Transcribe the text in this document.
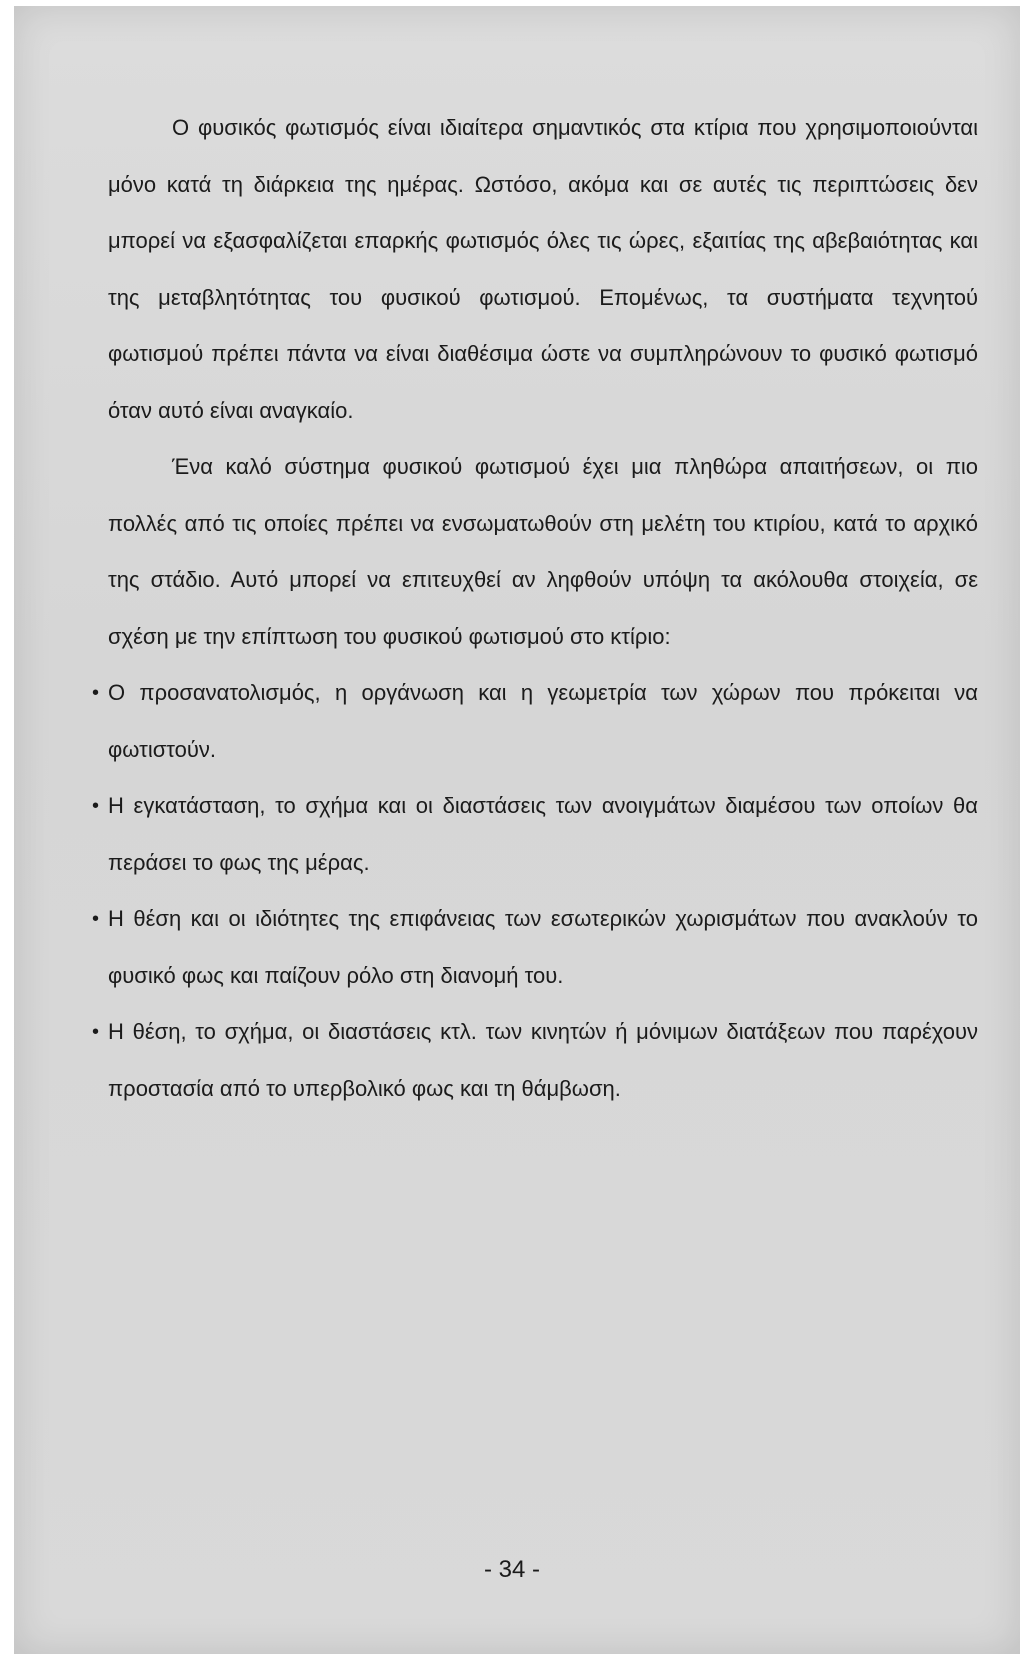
Ο φυσικός φωτισμός είναι ιδιαίτερα σημαντικός στα κτίρια που χρησιμοποιούνται μόνο κατά τη διάρκεια της ημέρας. Ωστόσο, ακόμα και σε αυτές τις περιπτώσεις δεν μπορεί να εξασφαλίζεται επαρκής φωτισμός όλες τις ώρες, εξαιτίας της αβεβαιότητας και της μεταβλητότητας του φυσικού φωτισμού. Επομένως, τα συστήματα τεχνητού φωτισμού πρέπει πάντα να είναι διαθέσιμα ώστε να συμπληρώνουν το φυσικό φωτισμό όταν αυτό είναι αναγκαίο.

Ένα καλό σύστημα φυσικού φωτισμού έχει μια πληθώρα απαιτήσεων, οι πιο πολλές από τις οποίες πρέπει να ενσωματωθούν στη μελέτη του κτιρίου, κατά το αρχικό της στάδιο. Αυτό μπορεί να επιτευχθεί αν ληφθούν υπόψη τα ακόλουθα στοιχεία, σε σχέση με την επίπτωση του φυσικού φωτισμού στο κτίριο:

• Ο προσανατολισμός, η οργάνωση και η γεωμετρία των χώρων που πρόκειται να φωτιστούν.
• Η εγκατάσταση, το σχήμα και οι διαστάσεις των ανοιγμάτων διαμέσου των οποίων θα περάσει το φως της μέρας.
• Η θέση και οι ιδιότητες της επιφάνειας των εσωτερικών χωρισμάτων που ανακλούν το φυσικό φως και παίζουν ρόλο στη διανομή του.
• Η θέση, το σχήμα, οι διαστάσεις κτλ. των κινητών ή μόνιμων διατάξεων που παρέχουν προστασία από το υπερβολικό φως και τη θάμβωση.
- 34 -
